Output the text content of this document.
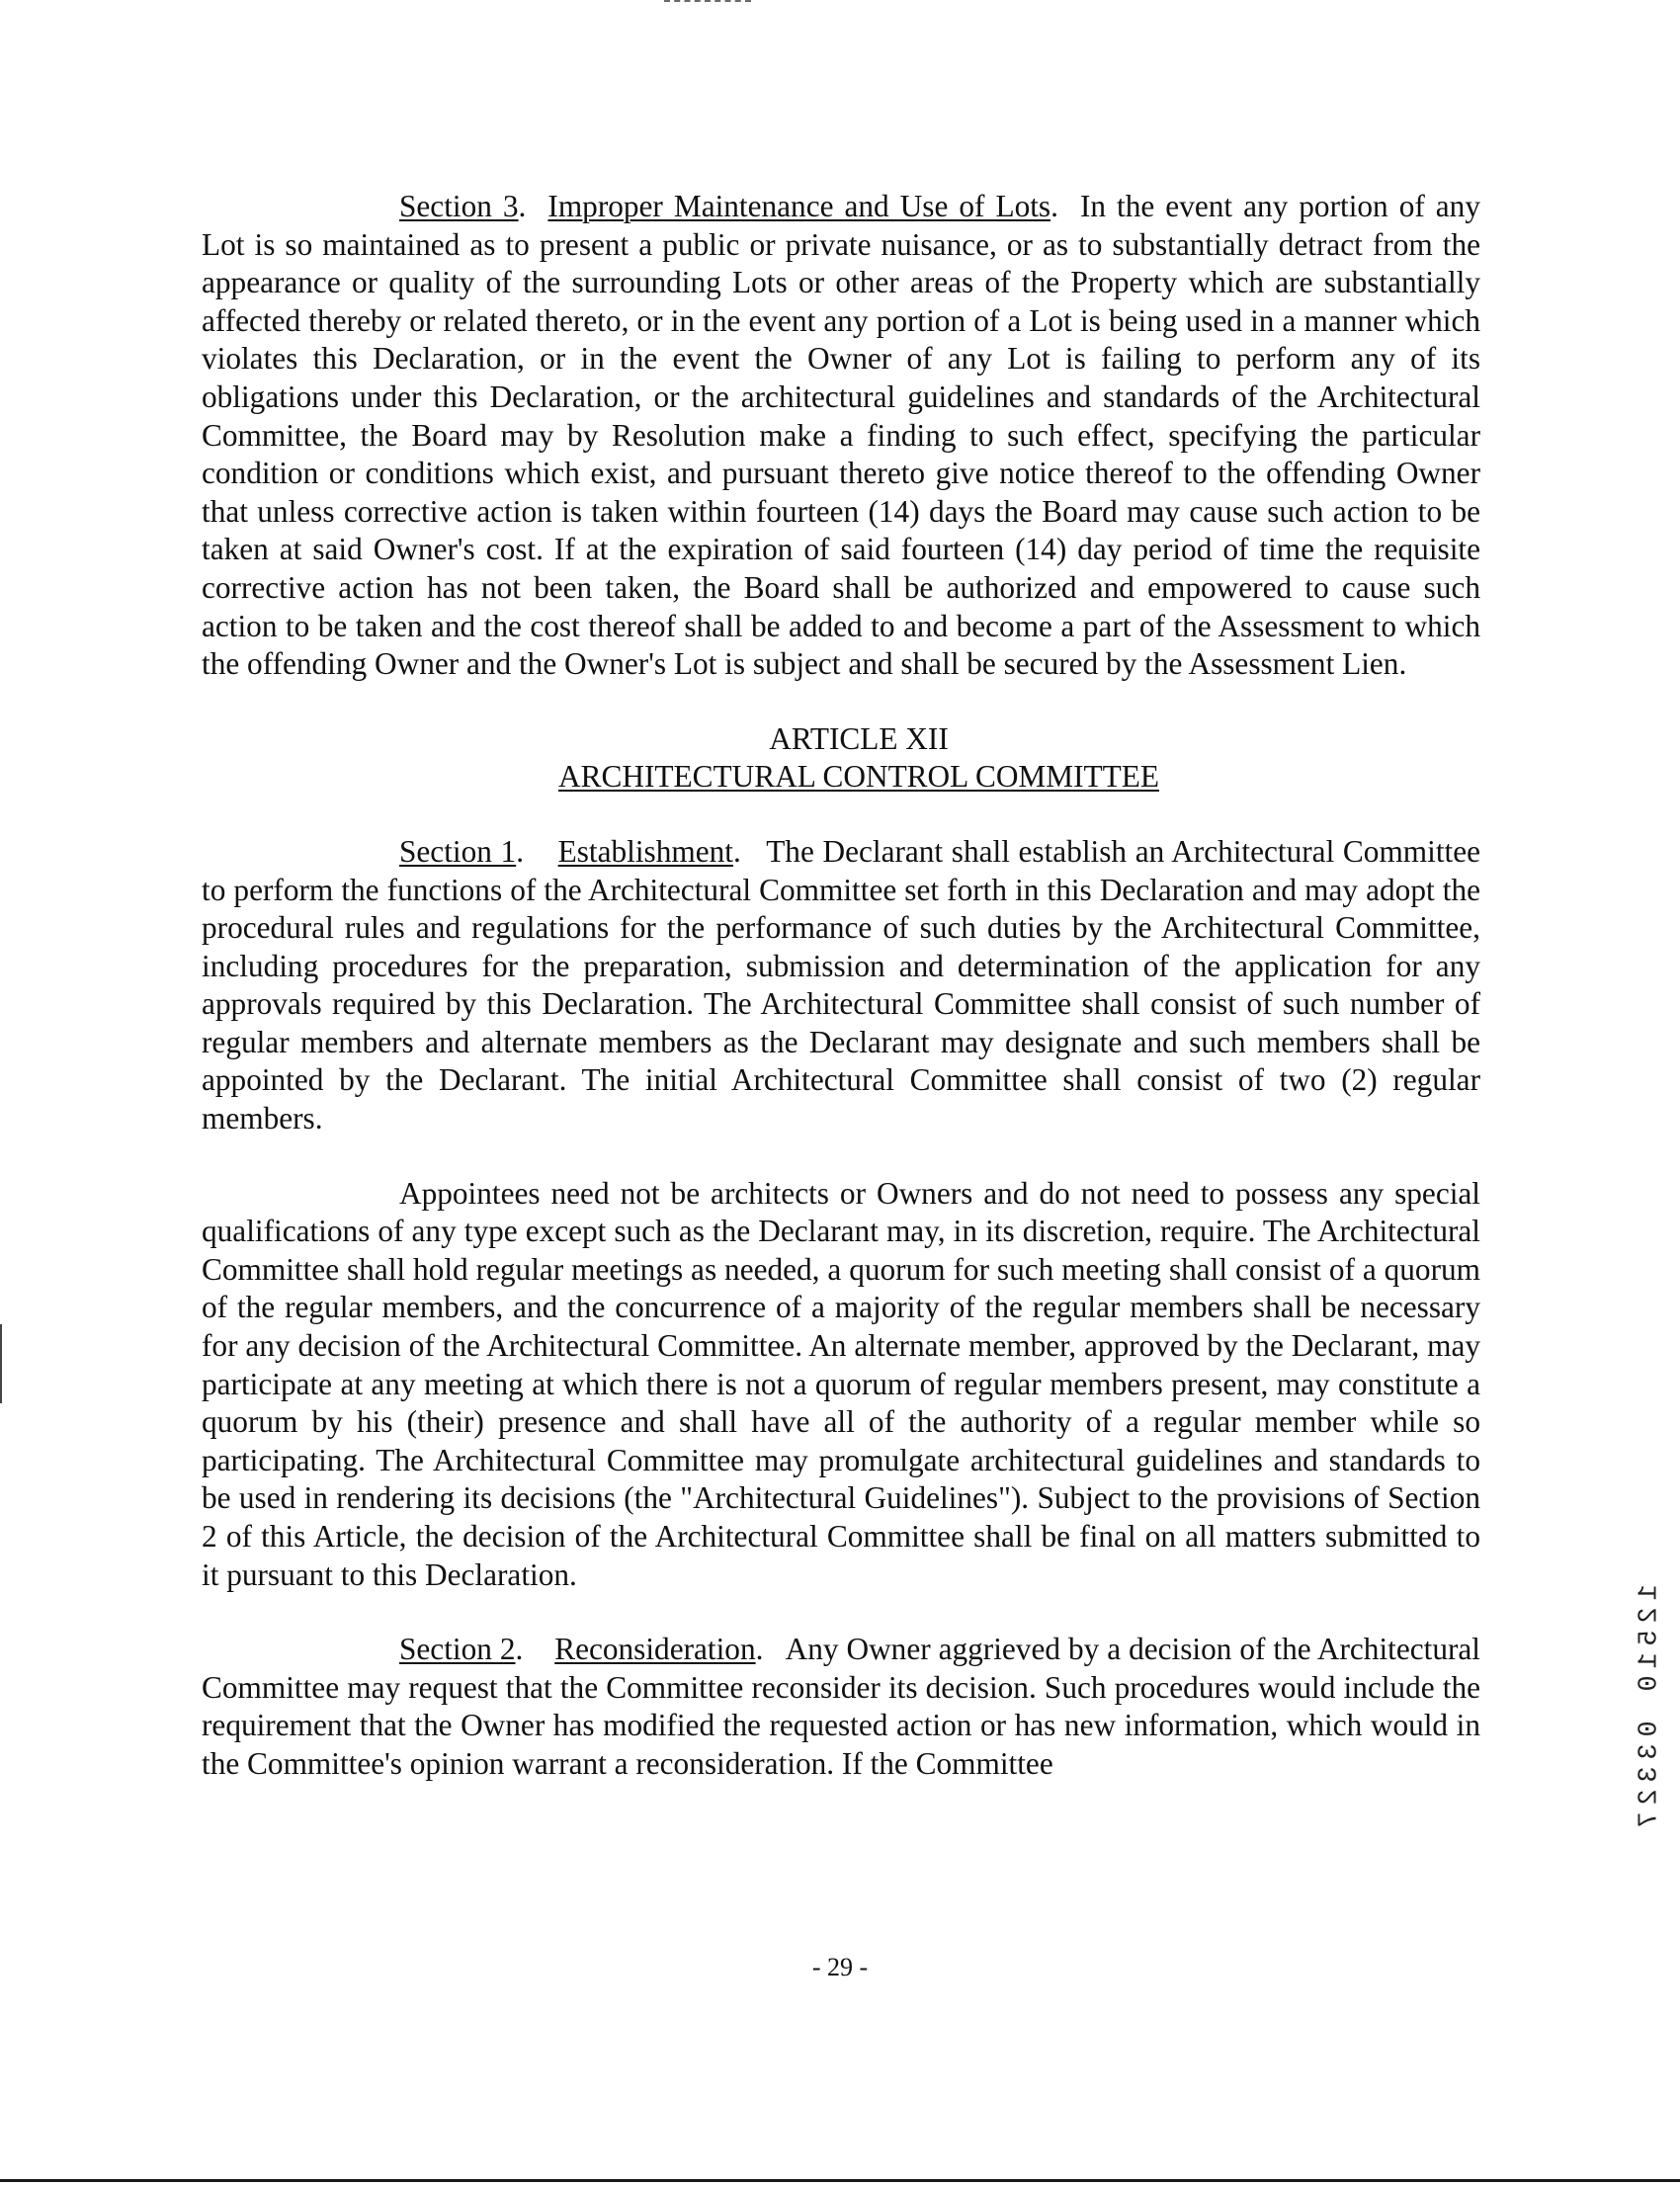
Section 3.  Improper Maintenance and Use of Lots.  In the event any portion of any Lot is so maintained as to present a public or private nuisance, or as to substantially detract from the appearance or quality of the surrounding Lots or other areas of the Property which are substantially affected thereby or related thereto, or in the event any portion of a Lot is being used in a manner which violates this Declaration, or in the event the Owner of any Lot is failing to perform any of its obligations under this Declaration, or the architectural guidelines and standards of the Architectural Committee, the Board may by Resolution make a finding to such effect, specifying the particular condition or conditions which exist, and pursuant thereto give notice thereof to the offending Owner that unless corrective action is taken within fourteen (14) days the Board may cause such action to be taken at said Owner's cost. If at the expiration of said fourteen (14) day period of time the requisite corrective action has not been taken, the Board shall be authorized and empowered to cause such action to be taken and the cost thereof shall be added to and become a part of the Assessment to which the offending Owner and the Owner's Lot is subject and shall be secured by the Assessment Lien.

ARTICLE XII

ARCHITECTURAL CONTROL COMMITTEE

Section 1.    Establishment.   The Declarant shall establish an Architectural Committee to perform the functions of the Architectural Committee set forth in this Declaration and may adopt the procedural rules and regulations for the performance of such duties by the Architectural Committee, including procedures for the preparation, submission and determination of the application for any approvals required by this Declaration. The Architectural Committee shall consist of such number of regular members and alternate members as the Declarant may designate and such members shall be appointed by the Declarant. The initial Architectural Committee shall consist of two (2) regular members.

Appointees need not be architects or Owners and do not need to possess any special qualifications of any type except such as the Declarant may, in its discretion, require. The Architectural Committee shall hold regular meetings as needed, a quorum for such meeting shall consist of a quorum of the regular members, and the concurrence of a majority of the regular members shall be necessary for any decision of the Architectural Committee. An alternate member, approved by the Declarant, may participate at any meeting at which there is not a quorum of regular members present, may constitute a quorum by his (their) presence and shall have all of the authority of a regular member while so participating. The Architectural Committee may promulgate architectural guidelines and standards to be used in rendering its decisions (the "Architectural Guidelines"). Subject to the provisions of Section 2 of this Article, the decision of the Architectural Committee shall be final on all matters submitted to it pursuant to this Declaration.

Section 2.    Reconsideration.   Any Owner aggrieved by a decision of the Architectural Committee may request that the Committee reconsider its decision. Such procedures would include the requirement that the Owner has modified the requested action or has new information, which would in the Committee's opinion warrant a reconsideration. If the Committee

- 29 -
1
2
5
1
0
0
3
3
2
7
